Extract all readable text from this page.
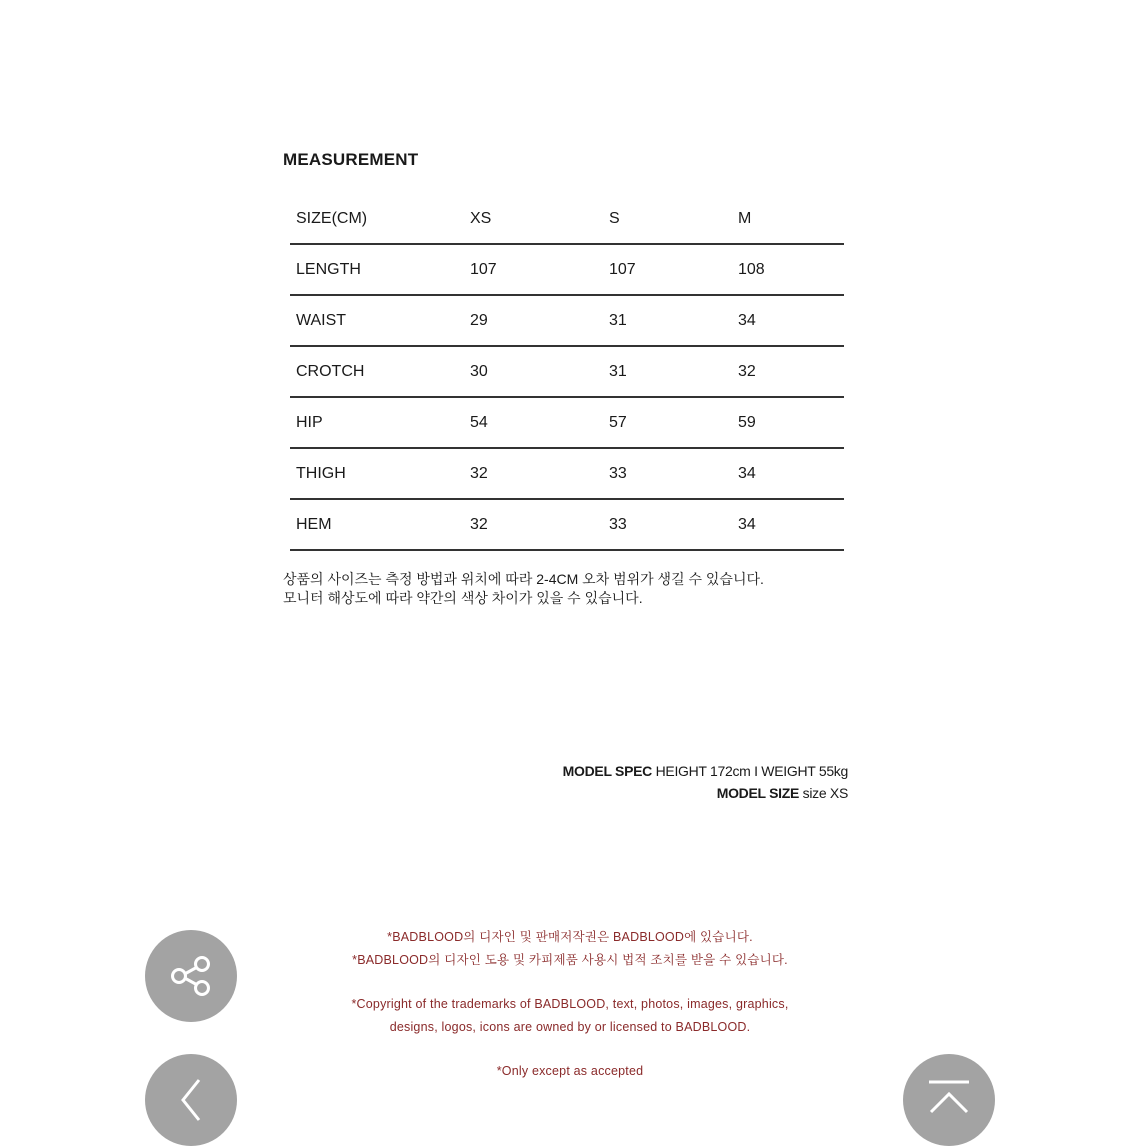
MEASUREMENT
SIZE(CM)	XS	S	M
LENGTH	107	107	108
WAIST	29	31	34
CROTCH	30	31	32
HIP	54	57	59
THIGH	32	33	34
HEM	32	33	34
상품의 사이즈는 측정 방법과 위치에 따라 2-4CM 오차 범위가 생길 수 있습니다.
모니터 해상도에 따라 약간의 색상 차이가 있을 수 있습니다.
MODEL SPEC HEIGHT 172cm I WEIGHT 55kg
MODEL SIZE size XS
*BADBLOOD의 디자인 및 판매저작권은 BADBLOOD에 있습니다.
*BADBLOOD의 디자인 도용 및 카피제품 사용시 법적 조치를 받을 수 있습니다.
*Copyright of the trademarks of BADBLOOD, text, photos, images, graphics,
designs, logos, icons are owned by or licensed to BADBLOOD.
*Only except as accepted
